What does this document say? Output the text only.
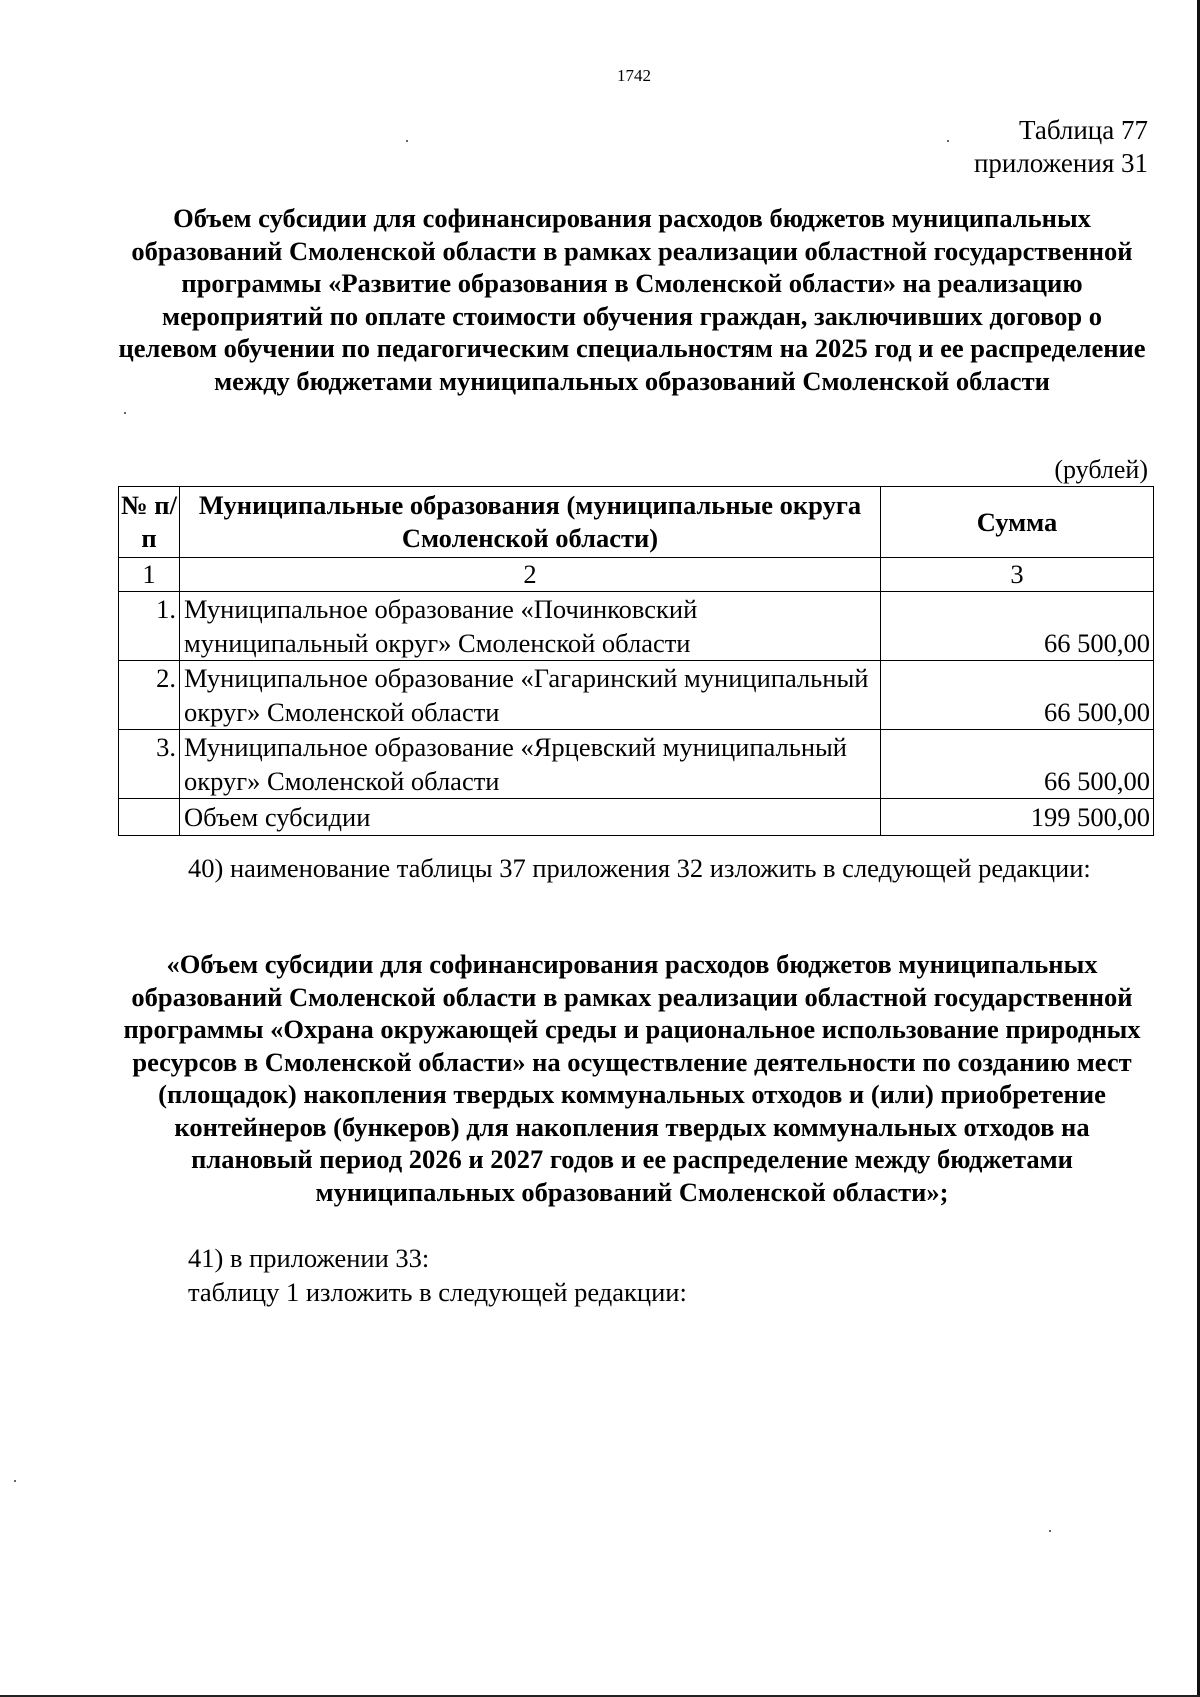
1742
Таблица 77
приложения 31
Объем субсидии для софинансирования расходов бюджетов муниципальных образований Смоленской области в рамках реализации областной государственной программы «Развитие образования в Смоленской области» на реализацию мероприятий по оплате стоимости обучения граждан, заключивших договор о целевом обучении по педагогическим специальностям на 2025 год и ее распределение между бюджетами муниципальных образований Смоленской области
(рублей)
№ п/п	Муниципальные образования (муниципальные округа Смоленской области)	Сумма
1	2	3
1.	Муниципальное образование «Починковский муниципальный округ» Смоленской области	66 500,00
2.	Муниципальное образование «Гагаринский муниципальный округ» Смоленской области	66 500,00
3.	Муниципальное образование «Ярцевский муниципальный округ» Смоленской области	66 500,00
	Объем субсидии	199 500,00
40) наименование таблицы 37 приложения 32 изложить в следующей редакции:
«Объем субсидии для софинансирования расходов бюджетов муниципальных образований Смоленской области в рамках реализации областной государственной программы «Охрана окружающей среды и рациональное использование природных ресурсов в Смоленской области» на осуществление деятельности по созданию мест (площадок) накопления твердых коммунальных отходов и (или) приобретение контейнеров (бункеров) для накопления твердых коммунальных отходов на плановый период 2026 и 2027 годов и ее распределение между бюджетами муниципальных образований Смоленской области»;
41) в приложении 33:
таблицу 1 изложить в следующей редакции:
